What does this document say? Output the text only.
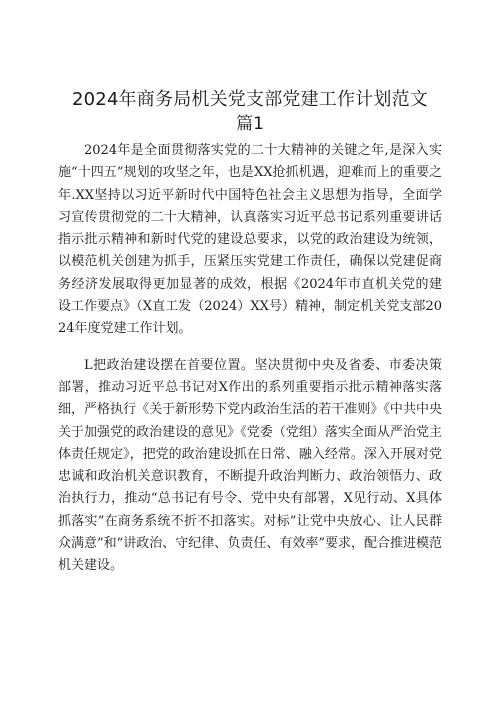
2024年商务局机关党支部党建工作计划范文
篇1

2024年是全面贯彻落实党的二十大精神的关键之年,是深入实施“十四五”规划的攻坚之年，也是XX抢抓机遇，迎难而上的重要之年.XX坚持以习近平新时代中国特色社会主义思想为指导，全面学习宣传贯彻党的二十大精神，认真落实习近平总书记系列重要讲话指示批示精神和新时代党的建设总要求，以党的政治建设为统领，以模范机关创建为抓手，压紧压实党建工作责任，确保以党建促商务经济发展取得更加显著的成效，根据《2024年市直机关党的建设工作要点》（X直工发（2024）XX号）精神，制定机关党支部2024年度党建工作计划。

L把政治建设摆在首要位置。坚决贯彻中央及省委、市委决策部署，推动习近平总书记对X作出的系列重要指示批示精神落实落细，严格执行《关于新形势下党内政治生活的若干准则》《中共中央关于加强党的政治建设的意见》《党委（党组）落实全面从严治党主体责任规定》，把党的政治建设抓在日常、融入经常。深入开展对党忠诚和政治机关意识教育，不断提升政治判断力、政治领悟力、政治执行力，推动“总书记有号令、党中央有部署，X见行动、X具体抓落实”在商务系统不折不扣落实。对标”让党中央放心、让人民群众满意”和“讲政治、守纪律、负责任、有效率”要求，配合推进模范机关建设。
